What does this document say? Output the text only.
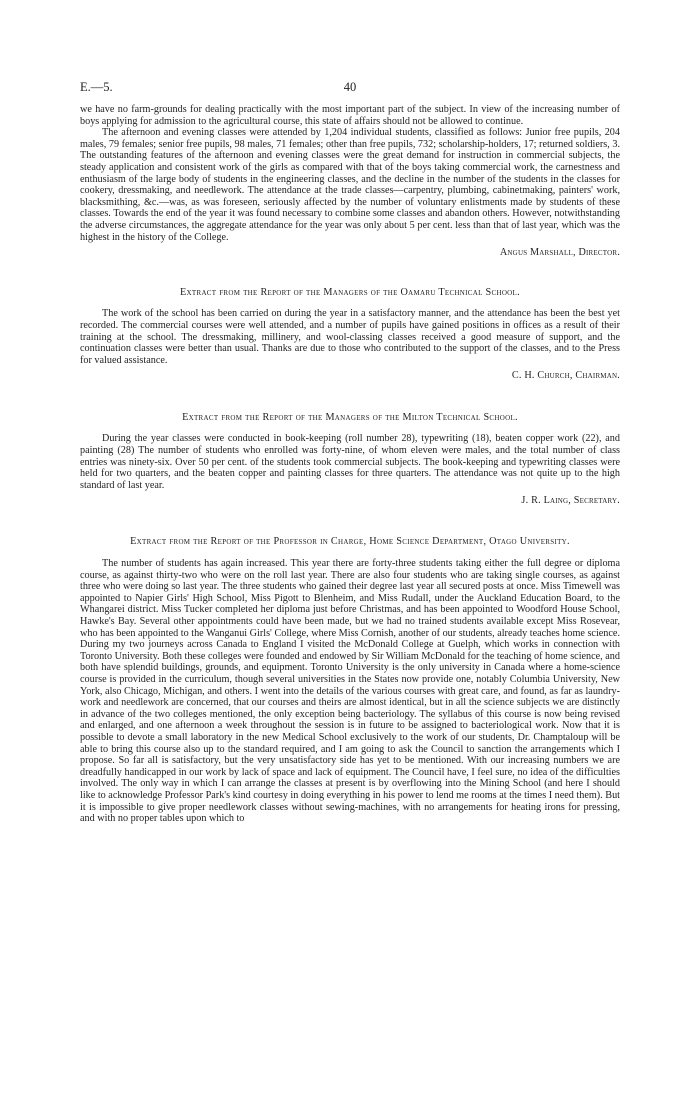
E.—5.	40

we have no farm-grounds for dealing practically with the most important part of the subject. In view of the increasing number of boys applying for admission to the agricultural course, this state of affairs should not be allowed to continue.

The afternoon and evening classes were attended by 1,204 individual students, classified as follows: Junior free pupils, 204 males, 79 females; senior free pupils, 98 males, 71 females; other than free pupils, 732; scholarship-holders, 17; returned soldiers, 3. The outstanding features of the afternoon and evening classes were the great demand for instruction in commercial subjects, the steady application and consistent work of the girls as compared with that of the boys taking commercial work, the carnestness and enthusiasm of the large body of students in the engineering classes, and the decline in the number of the students in the classes for cookery, dressmaking, and needlework. The attendance at the trade classes—carpentry, plumbing, cabinetmaking, painters' work, blacksmithing, &c.—was, as was foreseen, seriously affected by the number of voluntary enlistments made by students of these classes. Towards the end of the year it was found necessary to combine some classes and abandon others. However, notwithstanding the adverse circumstances, the aggregate attendance for the year was only about 5 per cent. less than that of last year, which was the highest in the history of the College.

Angus Marshall, Director.

Extract from the Report of the Managers of the Oamaru Technical School.

The work of the school has been carried on during the year in a satisfactory manner, and the attendance has been the best yet recorded. The commercial courses were well attended, and a number of pupils have gained positions in offices as a result of their training at the school. The dressmaking, millinery, and wool-classing classes received a good measure of support, and the continuation classes were better than usual. Thanks are due to those who contributed to the support of the classes, and to the Press for valued assistance.

C. H. Church, Chairman.

Extract from the Report of the Managers of the Milton Technical School.

During the year classes were conducted in book-keeping (roll number 28), typewriting (18), beaten copper work (22), and painting (28) The number of students who enrolled was forty-nine, of whom eleven were males, and the total number of class entries was ninety-six. Over 50 per cent. of the students took commercial subjects. The book-keeping and typewriting classes were held for two quarters, and the beaten copper and painting classes for three quarters. The attendance was not quite up to the high standard of last year.

J. R. Laing, Secretary.

Extract from the Report of the Professor in Charge, Home Science Department, Otago University.

The number of students has again increased. This year there are forty-three students taking either the full degree or diploma course, as against thirty-two who were on the roll last year. There are also four students who are taking single courses, as against three who were doing so last year. The three students who gained their degree last year all secured posts at once. Miss Timewell was appointed to Napier Girls' High School, Miss Pigott to Blenheim, and Miss Rudall, under the Auckland Education Board, to the Whangarei district. Miss Tucker completed her diploma just before Christmas, and has been appointed to Woodford House School, Hawke's Bay. Several other appointments could have been made, but we had no trained students available except Miss Rosevear, who has been appointed to the Wanganui Girls' College, where Miss Cornish, another of our students, already teaches home science. During my two journeys across Canada to England I visited the McDonald College at Guelph, which works in connection with Toronto University. Both these colleges were founded and endowed by Sir William McDonald for the teaching of home science, and both have splendid buildings, grounds, and equipment. Toronto University is the only university in Canada where a home-science course is provided in the curriculum, though several universities in the States now provide one, notably Columbia University, New York, also Chicago, Michigan, and others. I went into the details of the various courses with great care, and found, as far as laundry-work and needlework are concerned, that our courses and theirs are almost identical, but in all the science subjects we are distinctly in advance of the two colleges mentioned, the only exception being bacteriology. The syllabus of this course is now being revised and enlarged, and one afternoon a week throughout the session is in future to be assigned to bacteriological work. Now that it is possible to devote a small laboratory in the new Medical School exclusively to the work of our students, Dr. Champtaloup will be able to bring this course also up to the standard required, and I am going to ask the Council to sanction the arrangements which I propose. So far all is satisfactory, but the very unsatisfactory side has yet to be mentioned. With our increasing numbers we are dreadfully handicapped in our work by lack of space and lack of equipment. The Council have, I feel sure, no idea of the difficulties involved. The only way in which I can arrange the classes at present is by overflowing into the Mining School (and here I should like to acknowledge Professor Park's kind courtesy in doing everything in his power to lend me rooms at the times I need them). But it is impossible to give proper needlework classes without sewing-machines, with no arrangements for heating irons for pressing, and with no proper tables upon which to
